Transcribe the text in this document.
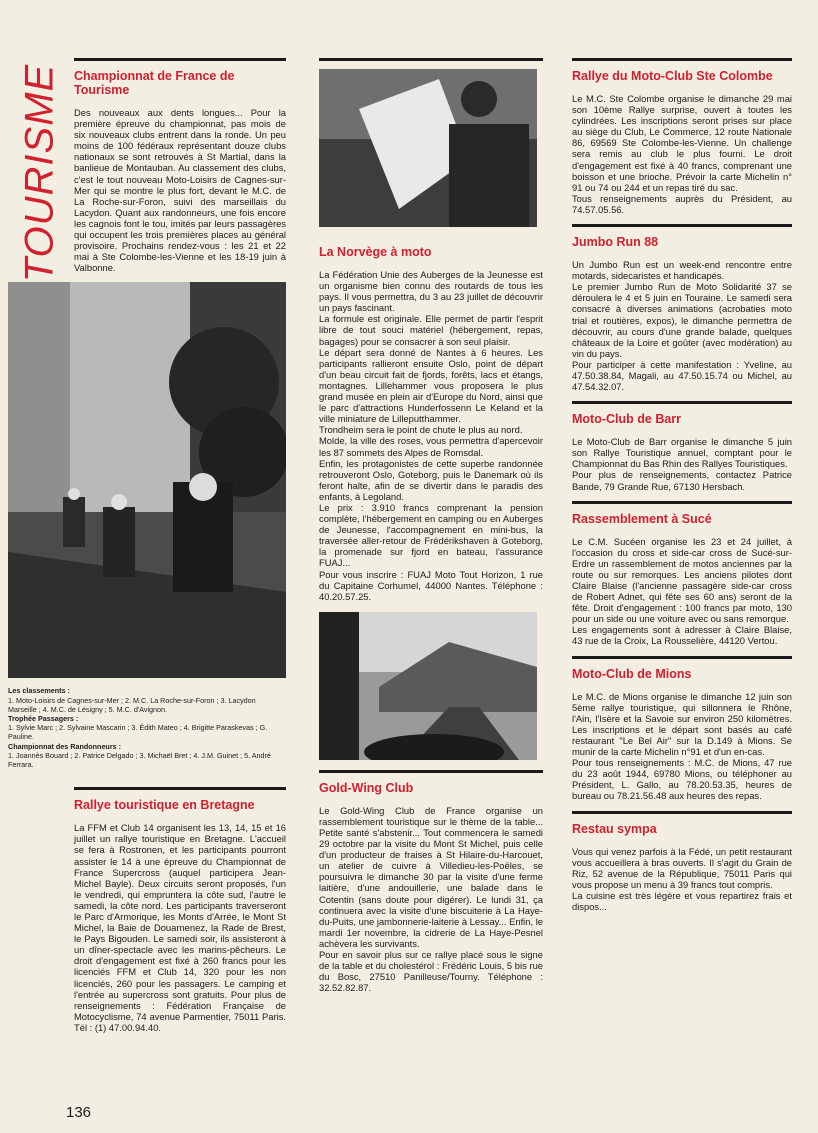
TOURISME Championnat de France de Tourisme
Des nouveaux aux dents longues... Pour la première épreuve du championnat, pas mois de six nouveaux clubs entrent dans la ronde. Un peu moins de 100 fédéraux représentant douze clubs nationaux se sont retrouvés à St Martial, dans la banlieue de Montauban. Au classement des clubs, c'est le tout nouveau Moto-Loisirs de Cagnes-sur-Mer qui se montre le plus fort, devant le M.C. de La Roche-sur-Foron, suivi des marseillais du Lacydon. Quant aux randonneurs, une fois encore les cagnois font le tou, imités par leurs passagères qui occupent les trois premières places au général provisoire. Prochains rendez-vous : les 21 et 22 mai à Ste Colombe-les-Vienne et les 18-19 juin à Valbonne.
Les classements :
1. Moto-Loisirs de Cagnes-sur-Mer ; 2. M.C. La Roche-sur-Foron ; 3. Lacydon Marseille ; 4. M.C. de Lésigny ; 5. M.C. d'Avignon.
Trophée Passagers :
1. Sylvie Marc ; 2. Sylvaine Mascarin ; 3. Édith Mateo ; 4. Brigitte Paraskevas ; G. Pauline.
Championnat des Randonneurs :
1. Joannès Bouard ; 2. Patrice Delgado ; 3. Michaël Bret ; 4. J.M. Guinet ; 5. André Ferrara.
Rallye touristique en Bretagne
La FFM et Club 14 organisent les 13, 14, 15 et 16 juillet un rallye touristique en Bretagne. L'accueil se fera à Rostronen, et les participants pourront assister le 14 à une épreuve du Championnat de France Supercross (auquel participera Jean-Michel Bayle). Deux circuits seront proposés, l'un le vendredi, qui empruntera la côte sud, l'autre le samedi, la côte nord. Les participants traverseront le Parc d'Armorique, les Monts d'Arrée, le Mont St Michel, la Baie de Douarnenez, la Rade de Brest, le Pays Bigouden. Le samedi soir, ils assisteront à un dîner-spectacle avec les marins-pêcheurs. Le droit d'engagement est fixé à 260 francs pour les licenciés FFM et Club 14, 320 pour les non licenciés, 260 pour les passagers. Le camping et l'entrée au supercross sont gratuits. Pour plus de renseignements : Fédération Française de Motocyclisme, 74 avenue Parmentier, 75011 Paris. Tél : (1) 47.00.94.40.
La Norvège à moto

La Fédération Unie des Auberges de la Jeunesse est un organisme bien connu des routards de tous les pays. Il vous permettra, du 3 au 23 juillet de découvrir un pays fascinant.

La formule est originale. Elle permet de partir l'esprit libre de tout souci matériel (hébergement, repas, bagages) pour se consacrer à son seul plaisir.

Le départ sera donné de Nantes à 6 heures. Les participants rallieront ensuite Oslo, point de départ d'un beau circuit fait de fjords, forêts, lacs et étangs, montagnes. Lillehammer vous proposera le plus grand musée en plein air d'Europe du Nord, ainsi que le parc d'attractions Hunderfossenn Le Keland et la ville miniature de Lilleputthammer.

Trondheim sera le point de chute le plus au nord.

Molde, la ville des roses, vous permettra d'apercevoir les 87 sommets des Alpes de Romsdal.

Enfin, les protagonistes de cette superbe randonnée retrouveront Oslo, Goteborg, puis le Danemark où ils feront halte, afin de se divertir dans le paradis des enfants, à Legoland.

Le prix : 3.910 francs comprenant la pension complète, l'hébergement en camping ou en Auberges de Jeunesse, l'accompagnement en mini-bus, la traversée aller-retour de Frédérikshaven à Goteborg, la promenade sur fjord en bateau, l'assurance FUAJ...

Pour vous inscrire : FUAJ Moto Tout Horizon, 1 rue du Capitaine Corhumel, 44000 Nantes. Téléphone : 40.20.57.25.

Gold-Wing Club

Le Gold-Wing Club de France organise un rassemblement touristique sur le thème de la table... Petite santé s'abstenir... Tout commencera le samedi 29 octobre par la visite du Mont St Michel, puis celle d'un producteur de fraises à St Hilaire-du-Harcouet, un atelier de cuivre à Villedieu-les-Poëles, se poursuivra le dimanche 30 par la visite d'une ferme laitière, d'une andouillerie, une balade dans le Cotentin (sans doute pour digérer). Le lundi 31, ça continuera avec la visite d'une biscuiterie à La Haye-du-Puits, une jambonnerie-laiterie à Lessay... Enfin, le mardi 1er novembre, la cidrerie de La Haye-Pesnel achèvera les survivants.

Pour en savoir plus sur ce rallye placé sous le signe de la table et du cholestérol : Frédéric Louis, 5 bis rue du Bosc, 27510 Panilleuse/Tourny. Téléphone : 32.52.82.87.

Rallye du Moto-Club Ste Colombe

Le M.C. Ste Colombe organise le dimanche 29 mai son 10ème Rallye surprise, ouvert à toutes les cylindrées. Les inscriptions seront prises sur place au siège du Club, Le Commerce, 12 route Nationale 86, 69569 Ste Colombe-les-Vienne. Un challenge sera remis au club le plus fourni. Le droit d'engagement est fixé à 40 francs, comprenant une boisson et une brioche. Prévoir la carte Michelin n° 91 ou 74 ou 244 et un repas tiré du sac.

Tous renseignements auprès du Président, au 74.57.05.56.

Jumbo Run 88

Un Jumbo Run est un week-end rencontre entre motards, sidecaristes et handicapés.

Le premier Jumbo Run de Moto Solidarité 37 se déroulera le 4 et 5 juin en Touraine. Le samedi sera consacré à diverses animations (acrobaties moto trial et routières, expos), le dimanche permettra de découvrir, au cours d'une grande balade, quelques châteaux de la Loire et goûter (avec modération) au vin du pays.

Pour participer à cette manifestation : Yveline, au 47.50.38.84, Magali, au 47.50.15.74 ou Michel, au 47.54.32.07.

Moto-Club de Barr

Le Moto-Club de Barr organise le dimanche 5 juin son Rallye Touristique annuel, comptant pour le Championnat du Bas Rhin des Rallyes Touristiques.

Pour plus de renseignements, contactez Patrice Bande, 79 Grande Rue, 67130 Hersbach.

Rassemblement à Sucé

Le C.M. Sucéen organise les 23 et 24 juillet, à l'occasion du cross et side-car cross de Sucé-sur-Erdre un rassemblement de motos anciennes par la route ou sur remorques. Les anciens pilotes dont Claire Blaise (l'ancienne passagère side-car cross de Robert Adnet, qui fête ses 60 ans) seront de la fête. Droit d'engagement : 100 francs par moto, 130 pour un side ou une voiture avec ou sans remorque.

Les engagements sont à adresser à Claire Blaise, 43 rue de la Croix, La Rousselière, 44120 Vertou.

Moto-Club de Mions

Le M.C. de Mions organise le dimanche 12 juin son 5ème rallye touristique, qui sillonnera le Rhône, l'Ain, l'Isère et la Savoie sur environ 250 kilomètres. Les inscriptions et le départ sont basés au café restaurant "Le Bel Air" sur la D.149 à Mions. Se munir de la carte Michelin n°91 et d'un en-cas.

Pour tous renseignements : M.C. de Mions, 47 rue du 23 août 1944, 69780 Mions, ou téléphoner au Président, L. Gallo, au 78.20.53.35, heures de bureau ou 78.21.56.48 aux heures des repas.

Restau sympa

Vous qui venez parfois à la Fédé, un petit restaurant vous accueillera à bras ouverts. Il s'agit du Grain de Riz, 52 avenue de la République, 75011 Paris qui vous propose un menu à 39 francs tout compris.

La cuisine est très légère et vous repartirez frais et dispos...

136
